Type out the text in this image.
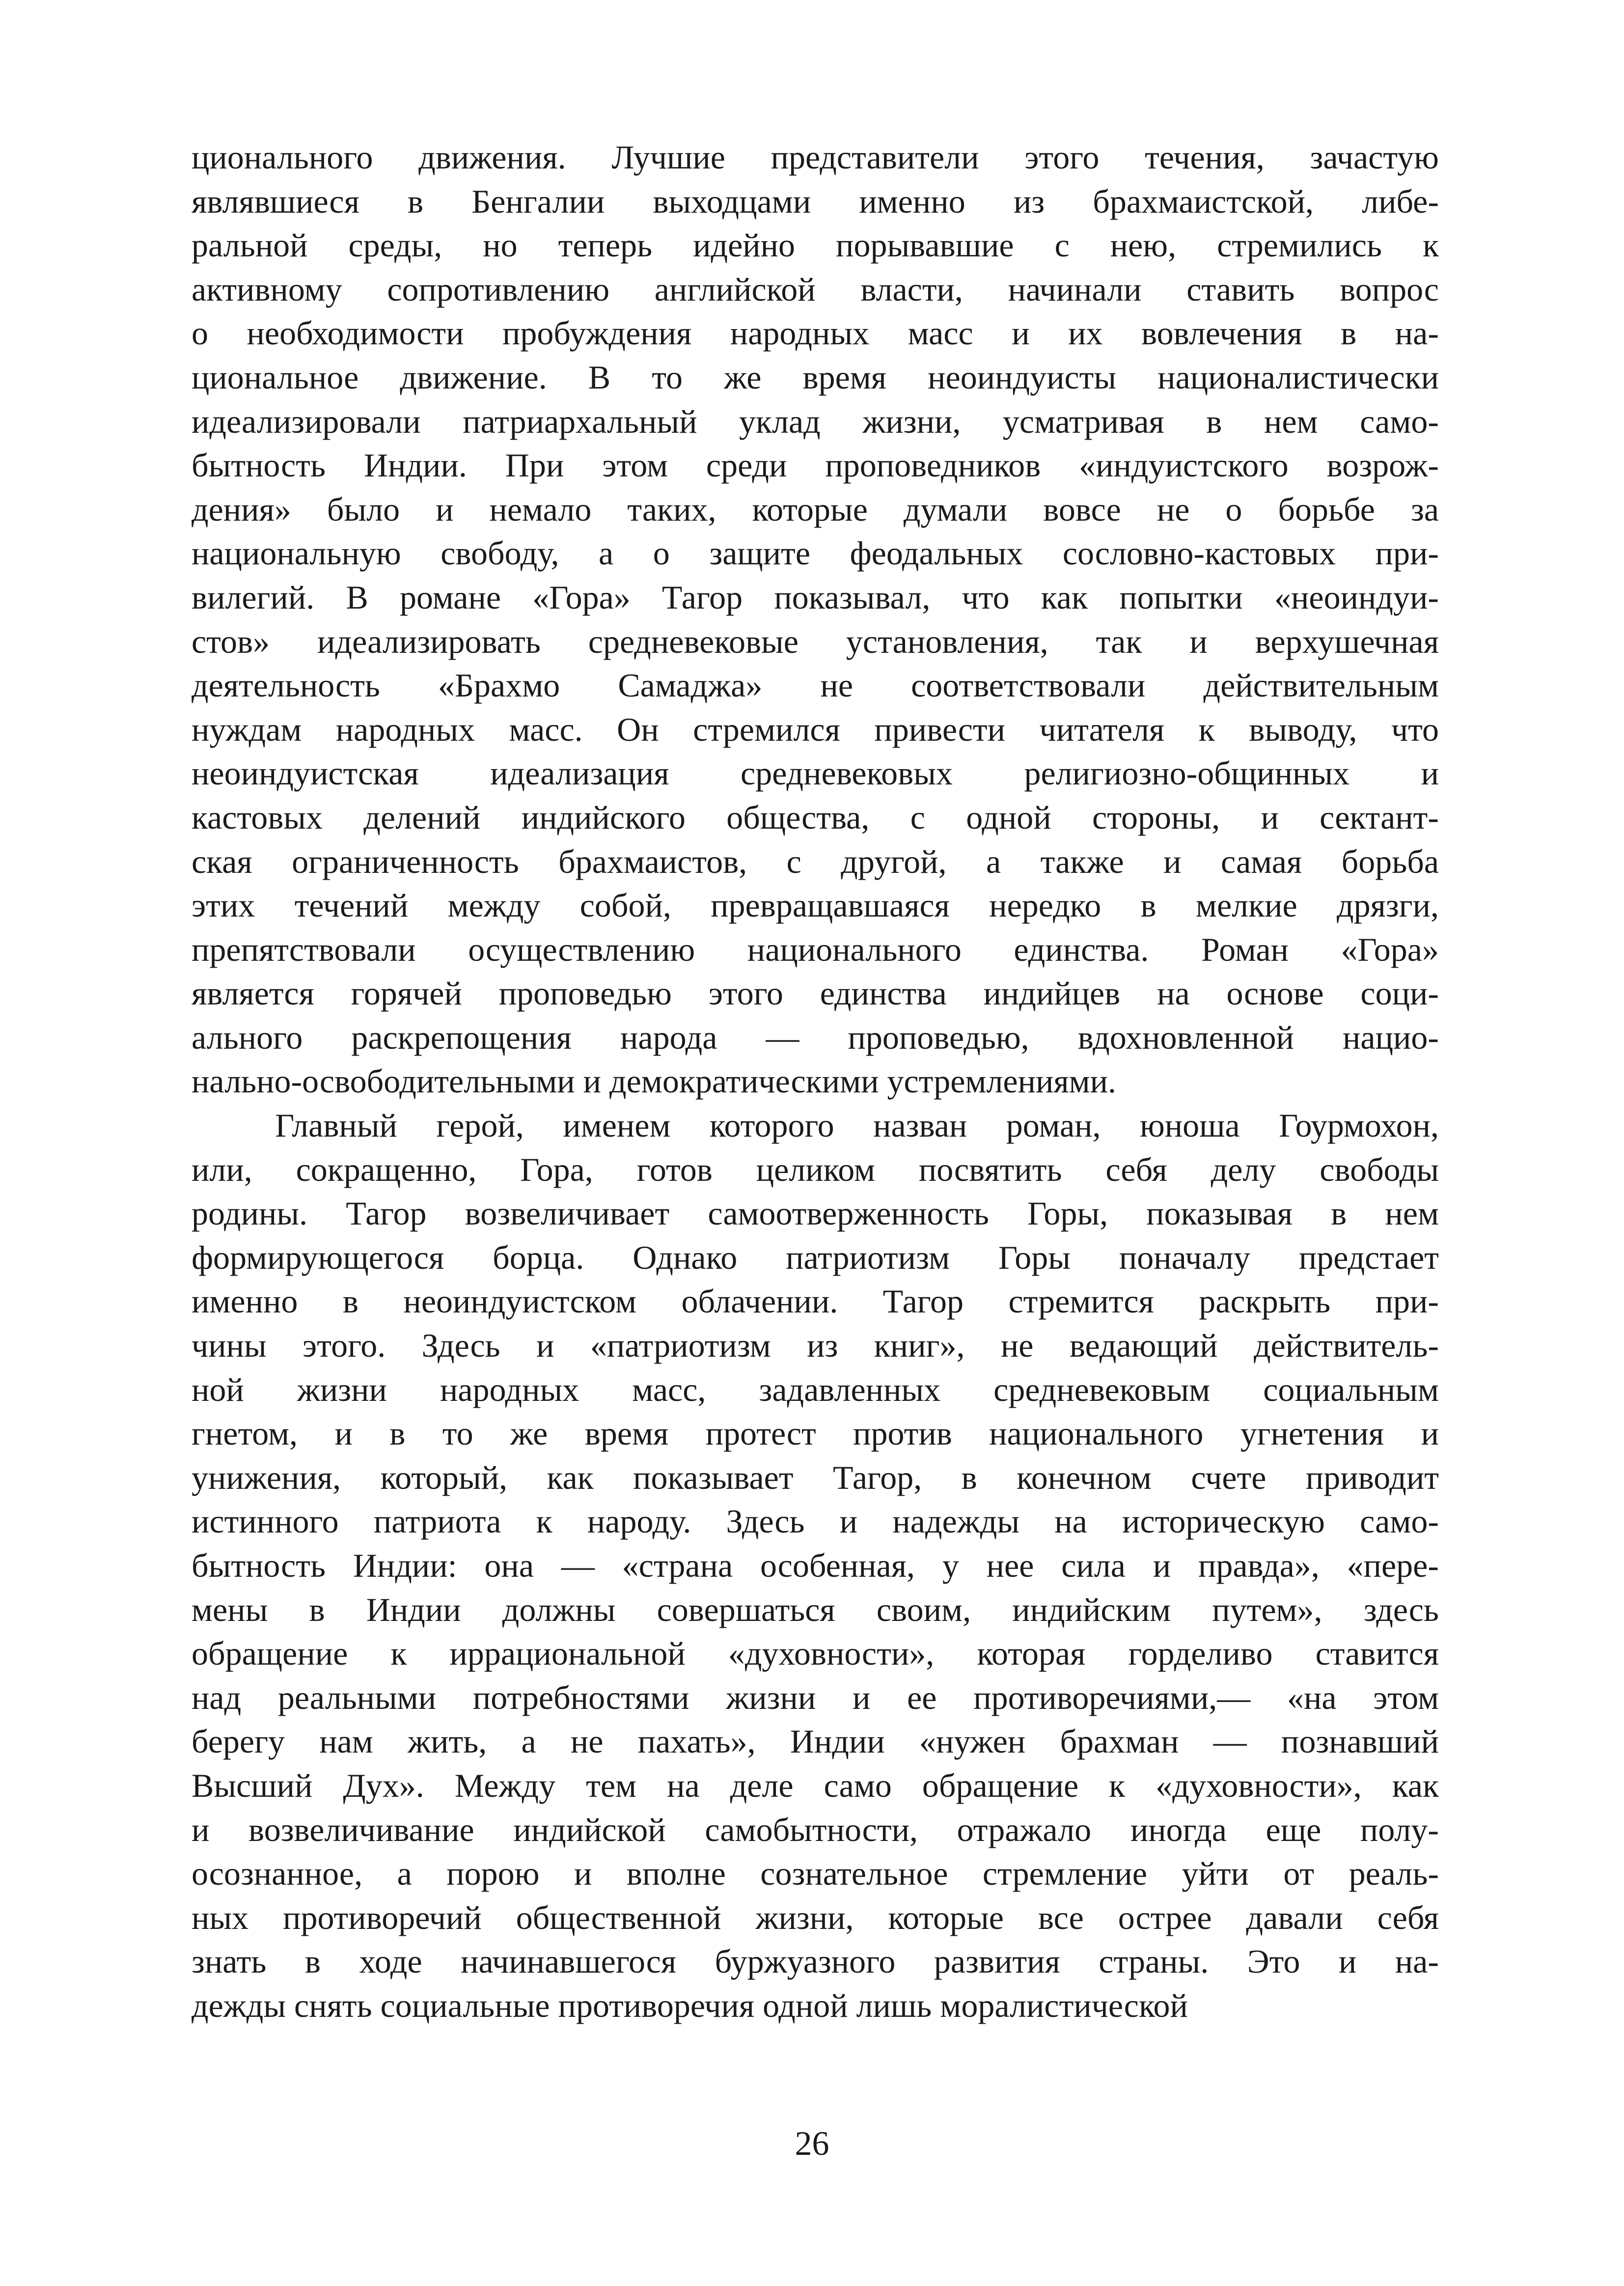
ционального движения. Лучшие представители этого течения, зачастую
являвшиеся в Бенгалии выходцами именно из брахмаистской, либе-
ральной среды, но теперь идейно порывавшие с нею, стремились к
активному сопротивлению английской власти, начинали ставить вопрос
о необходимости пробуждения народных масс и их вовлечения в на-
циональное движение. В то же время неоиндуисты националистически
идеализировали патриархальный уклад жизни, усматривая в нем само-
бытность Индии. При этом среди проповедников «индуистского возрож-
дения» было и немало таких, которые думали вовсе не о борьбе за
национальную свободу, а о защите феодальных сословно-кастовых при-
вилегий. В романе «Гора» Тагор показывал, что как попытки «неоиндуи-
стов» идеализировать средневековые установления, так и верхушечная
деятельность «Брахмо Самаджа» не соответствовали действительным
нуждам народных масс. Он стремился привести читателя к выводу, что
неоиндуистская идеализация средневековых религиозно-общинных и
кастовых делений индийского общества, с одной стороны, и сектант-
ская ограниченность брахмаистов, с другой, а также и самая борьба
этих течений между собой, превращавшаяся нередко в мелкие дрязги,
препятствовали осуществлению национального единства. Роман «Гора»
является горячей проповедью этого единства индийцев на основе соци-
ального раскрепощения народа — проповедью, вдохновленной нацио-
нально-освободительными и демократическими устремлениями.
Главный герой, именем которого назван роман, юноша Гоурмохон,
или, сокращенно, Гора, готов целиком посвятить себя делу свободы
родины. Тагор возвеличивает самоотверженность Горы, показывая в нем
формирующегося борца. Однако патриотизм Горы поначалу предстает
именно в неоиндуистском облачении. Тагор стремится раскрыть при-
чины этого. Здесь и «патриотизм из книг», не ведающий действитель-
ной жизни народных масс, задавленных средневековым социальным
гнетом, и в то же время протест против национального угнетения и
унижения, который, как показывает Тагор, в конечном счете приводит
истинного патриота к народу. Здесь и надежды на историческую само-
бытность Индии: она — «страна особенная, у нее сила и правда», «пере-
мены в Индии должны совершаться своим, индийским путем», здесь
обращение к иррациональной «духовности», которая горделиво ставится
над реальными потребностями жизни и ее противоречиями,— «на этом
берегу нам жить, а не пахать», Индии «нужен брахман — познавший
Высший Дух». Между тем на деле само обращение к «духовности», как
и возвеличивание индийской самобытности, отражало иногда еще полу-
осознанное, а порою и вполне сознательное стремление уйти от реаль-
ных противоречий общественной жизни, которые все острее давали себя
знать в ходе начинавшегося буржуазного развития страны. Это и на-
дежды снять социальные противоречия одной лишь моралистической
26
